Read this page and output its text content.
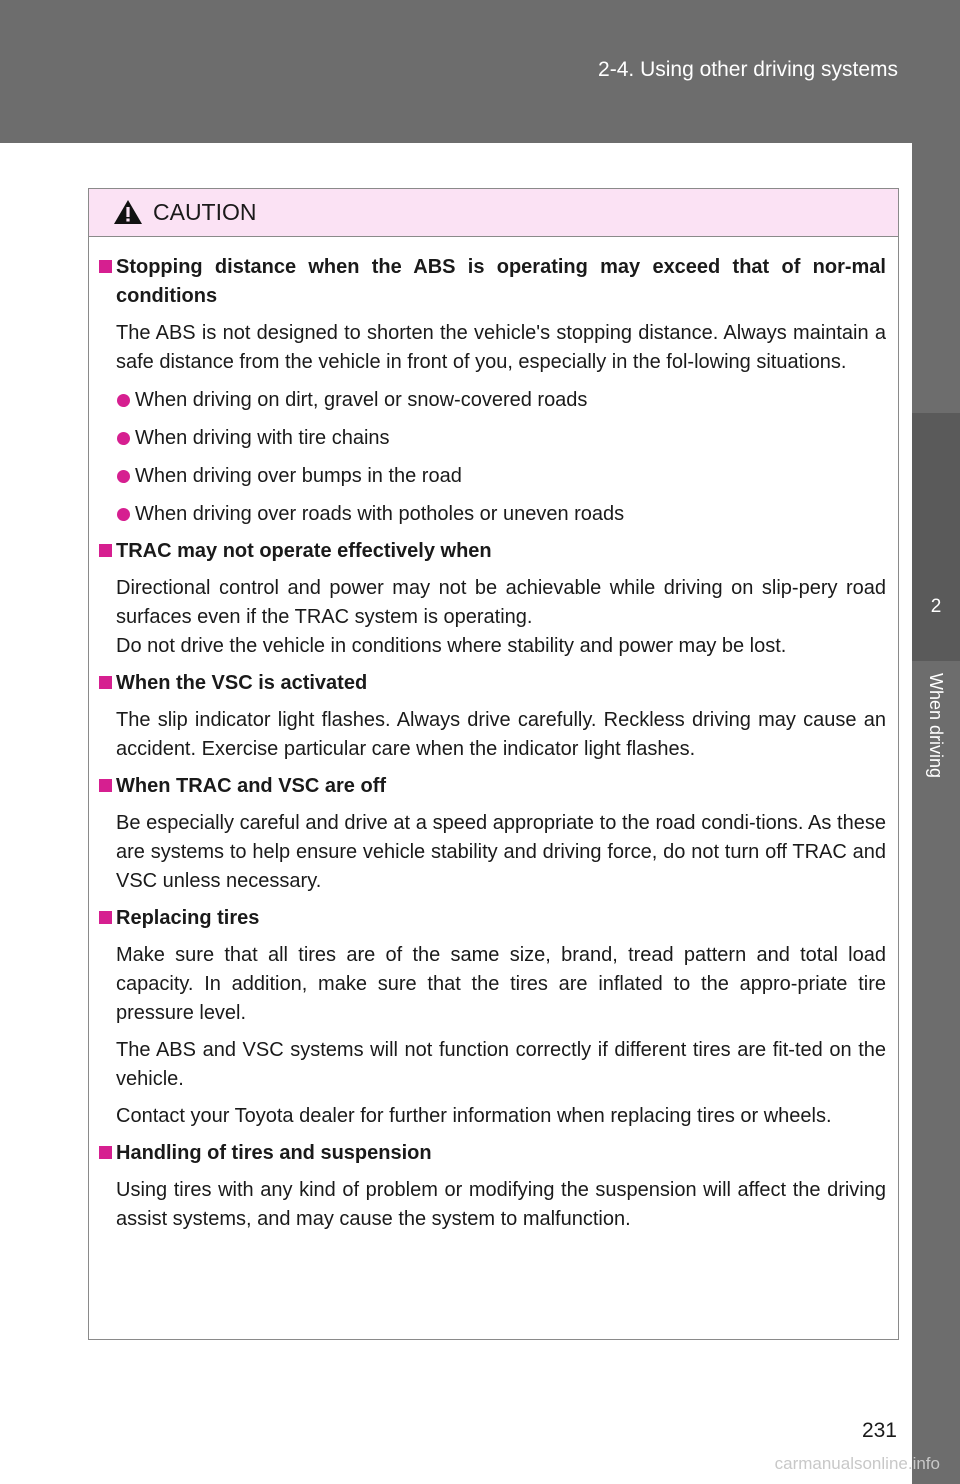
2-4. Using other driving systems
2
When driving
CAUTION
Stopping distance when the ABS is operating may exceed that of nor-mal conditions
The ABS is not designed to shorten the vehicle's stopping distance. Always maintain a safe distance from the vehicle in front of you, especially in the fol-lowing situations.
When driving on dirt, gravel or snow-covered roads
When driving with tire chains
When driving over bumps in the road
When driving over roads with potholes or uneven roads
TRAC may not operate effectively when
Directional control and power may not be achievable while driving on slip-pery road surfaces even if the TRAC system is operating.
Do not drive the vehicle in conditions where stability and power may be lost.
When the VSC is activated
The slip indicator light flashes. Always drive carefully. Reckless driving may cause an accident. Exercise particular care when the indicator light flashes.
When TRAC and VSC are off
Be especially careful and drive at a speed appropriate to the road condi-tions. As these are systems to help ensure vehicle stability and driving force, do not turn off TRAC and VSC unless necessary.
Replacing tires
Make sure that all tires are of the same size, brand, tread pattern and total load capacity. In addition, make sure that the tires are inflated to the appro-priate tire pressure level.
The ABS and VSC systems will not function correctly if different tires are fit-ted on the vehicle.
Contact your Toyota dealer for further information when replacing tires or wheels.
Handling of tires and suspension
Using tires with any kind of problem or modifying the suspension will affect the driving assist systems, and may cause the system to malfunction.
231
carmanualsonline.info
